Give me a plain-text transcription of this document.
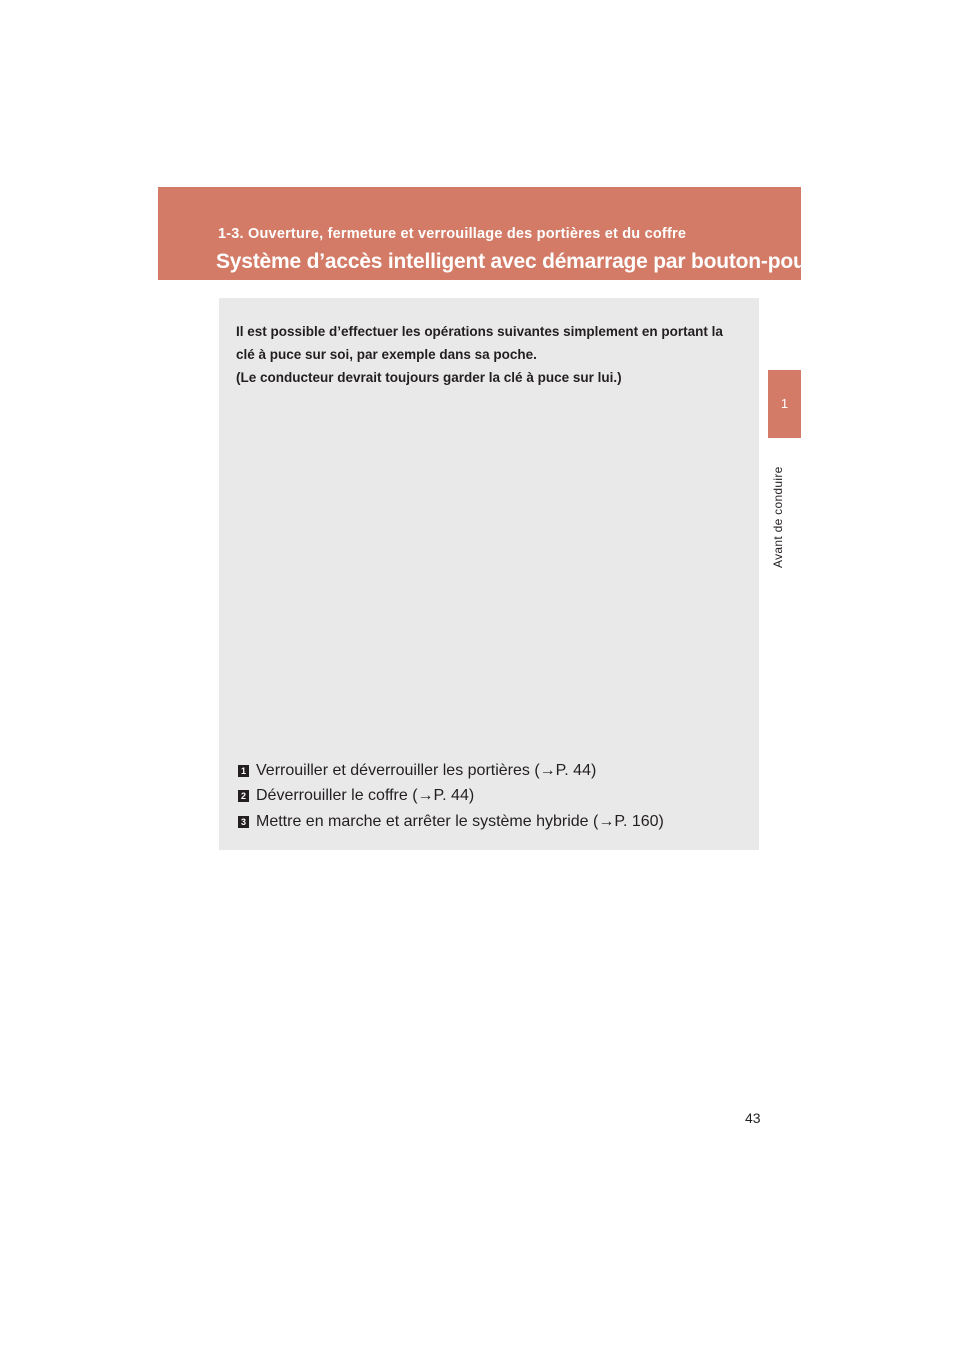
1-3. Ouverture, fermeture et verrouillage des portières et du coffre
Système d’accès intelligent avec démarrage par bouton-poussoir
1
Avant de conduire

Il est possible d’effectuer les opérations suivantes simplement en portant la

clé à puce sur soi, par exemple dans sa poche.

(Le conducteur devrait toujours garder la clé à puce sur lui.)

1 Verrouiller et déverrouiller les portières (→P. 44)
2 Déverrouiller le coffre (→P. 44)
3 Mettre en marche et arrêter le système hybride (→P. 160)
43
